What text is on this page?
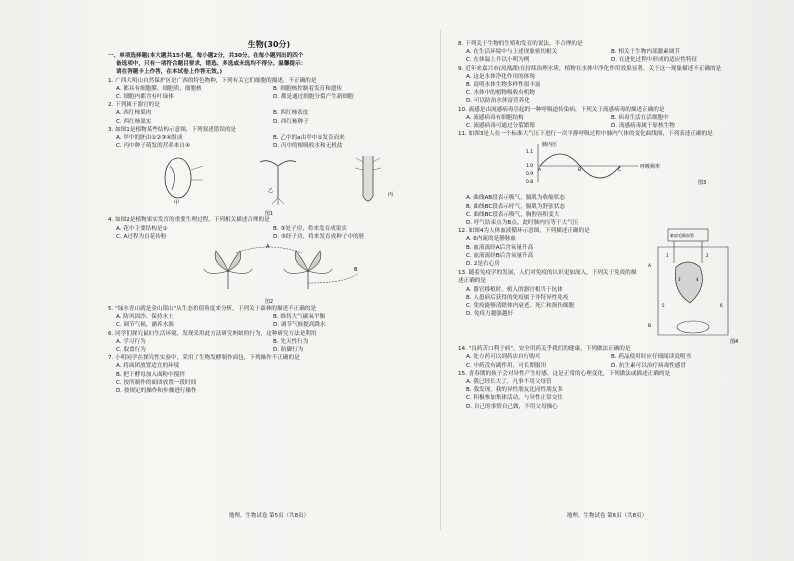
生物(30分)
一、单项选择题(本大题共15小题，每小题2分，共30分。在每小题列出的四个
备选项中，只有一项符合题目要求，错选、多选或未选均不得分。温馨提示：
请在答题卡上作答，在本试卷上作答无效。)
1. 广西大明山自然保护区是广西的特色物种，下列有关它们细胞的描述，不正确的是
A. 都具有细胞膜、细胞质、细胞核	B. 细胞核控制着发育和遗传
C. 细胞内都含有叶绿体	D. 都是通过细胞分裂产生新细胞
2. 下列属于器官的是
A. 西红柿果肉	B. 西红柿表皮
C. 西红柿果实	D. 西红柿种子
3. 如图1是植物某些结构示意图，下列叙述错误的是
A. 甲中的胚由①②③④组成	B. 乙中的a由甲中①发育而来
C. 丙中种子萌发的营养来自④	D. 丙中的根吸收水和无机盐
甲
乙
丙
图1
4. 如图2是植物果实发育的重要生理过程，下列相关描述合理的是
A. 花中主要结构是①	B. ③处子房，将来发育成果实
C. A过程为自花传粉	D. ⑤经子房，将来发育成种子中的胚
A
B
图2
5. "绿水青山就是金山银山"从生态价值角度来分析，下列关于森林的描述不正确的是
A. 防风固沙、保持水土	B. 维持大气碳氧平衡
C. 调节气候，涵养水源	D. 调节气候提高降水
6. 同学们探究鼠妇生活环境，发现采用此方法研究蚂蚁的行为，这种研究方法是利用
A. 学习行为	B. 先天性行为
C. 取食行为	D. 防御行为
7. 小明同学在探究性实验中，采用了生物发酵制作面包，下列操作不正确的是
A. 将面团放置适宜的环境
B. 把干酵母加入面粉中搅拌
C. 按所制作的面团放置一段时间
D. 按规定的操作和步骤进行操作
地理、生物试卷 第5页（共8页）
8. 下列关于生物的生殖和发育的说法，不合理的是
A. 在生活环境中与上述现象密切相关	B. 相关于生物内部激素调节
C. 在体温上升以小明为例	D. 在进化过程中形成的适应性特征
9. 近年来嘉兴市(凤凰湖)在持续治理水质，植物在水体中净化作用效果显著。关于这一现象描述不正确的是
A. 这是水体净化作用的体现
B. 说明水体生物多样性很丰富
C. 水体中的植物吸收有机物
D. 可以防治水体富营养化
10. 流感是由流感病毒引起的一种呼吸道传染病，下列关于流感病毒的描述正确的是
A. 流感病毒有细胞结构	B. 病毒生活在活细胞中
C. 流感病毒可通过分裂繁殖	D. 流感病毒属于原核生物
11. 如图3是人在一个标准大气压下进行一次平静呼吸过程中肺内气体的变化曲线图，下列表述正确的是
肺内压
呼吸频率
1.1
1.0
0.9
0.8
A	B	C
图3
A. 曲线AB段表示吸气，膈肌为收缩状态
B. 曲线BC段表示呼气，膈肌为舒张状态
C. 曲线BC段表示吸气，胸腔容积变大
D. 呼气结束点为B点，此时肺内压等于大气压
12. 如图4为人体血液循环示意图，下列描述正确的是
A. 6内流的是静脉血
B. 血液流经A后含氧量升高
C. 血液流经B后含氧量升高
D. 2是右心房
13. 随着免疫学的发展，人们对免疫的认识更加深入，下列关于免疫的描述正确的是
A. 器官移植时，植入的器官相当于抗体
B. 人患病后获得的免疫属于非特异性免疫
C. 免疫能够清除体内衰老、死亡和损伤细胞
D. 免疫力越强越好
肺部毛细血管
A
B
1	2
3	4
5	6
图4
14. "良药苦口利于病"，安全用药关乎我们的健康，下列做法正确的是
A. 处方药可以到药店自行购买	B. 药品使用时应仔细阅读说明书
C. 中药没有副作用，可长期服用	D. 抗生素可以治疗病毒性感冒
15. 青春期的孩子会对异性产生好感，这是正常的心理变化，下列做法或描述正确的是
A. 我已经长大了，凡事不用父母管
B. 我发现，我的异性朋友比同性朋友多
C. 积极参加集体活动，与异性正常交往
D. 自己的事情自己做，不用父母操心
地理、生物试卷 第6页（共8页）
